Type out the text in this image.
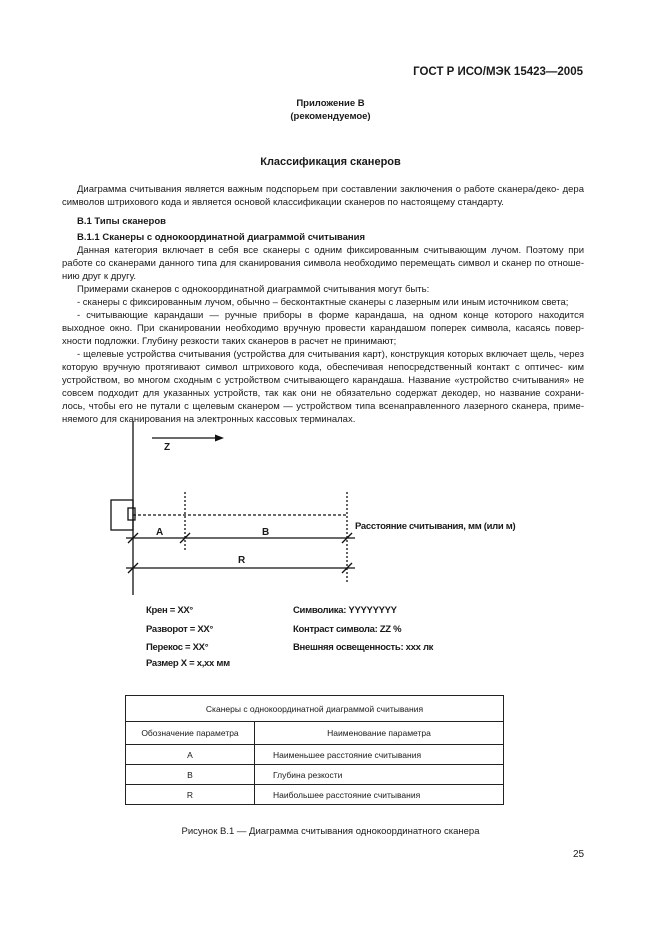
ГОСТ Р ИСО/МЭК 15423—2005
Приложение В
(рекомендуемое)
Классификация сканеров

Диаграмма считывания является важным подспорьем при составлении заключения о работе сканера/деко- дера символов штрихового кода и является основой классификации сканеров по настоящему стандарту.

В.1 Типы сканеров

В.1.1 Сканеры с однокоординатной диаграммой считывания

Данная категория включает в себя все сканеры с одним фиксированным считывающим лучом. Поэтому при работе со сканерами данного типа для сканирования символа необходимо перемещать символ и сканер по отноше- нию друг к другу.

Примерами сканеров с однокоординатной диаграммой считывания могут быть:

- сканеры с фиксированным лучом, обычно – бесконтактные сканеры с лазерным или иным источником света;

- считывающие карандаши — ручные приборы в форме карандаша, на одном конце которого находится выходное окно. При сканировании необходимо вручную провести карандашом поперек символа, касаясь повер- хности подложки. Глубину резкости таких сканеров в расчет не принимают;

- щелевые устройства считывания (устройства для считывания карт), конструкция которых включает щель, через которую вручную протягивают символ штрихового кода, обеспечивая непосредственный контакт с оптичес- ким устройством, во многом сходным с устройством считывающего карандаша. Название «устройство считывания» не совсем подходит для указанных устройств, так как они не обязательно содержат декодер, но название сохрани- лось, чтобы его не путали с щелевым сканером — устройством типа всенаправленного лазерного сканера, приме- няемого для сканирования на электронных кассовых терминалах.

Z
A	B
R
Расстояние считывания, мм (или м)
Крен = XX°
Разворот = XX°
Перекос = XX°
Размер X = x,xx мм
Символика: YYYYYYYY
Контраст символа: ZZ %
Внешняя освещенность: xxx лк
Сканеры с однокоординатной диаграммой считывания	
Обозначение параметра	Наименование параметра
A	Наименьшее расстояние считывания
B	Глубина резкости
R	Наибольшее расстояние считывания
Рисунок В.1 — Диаграмма считывания однокоординатного сканера
25
